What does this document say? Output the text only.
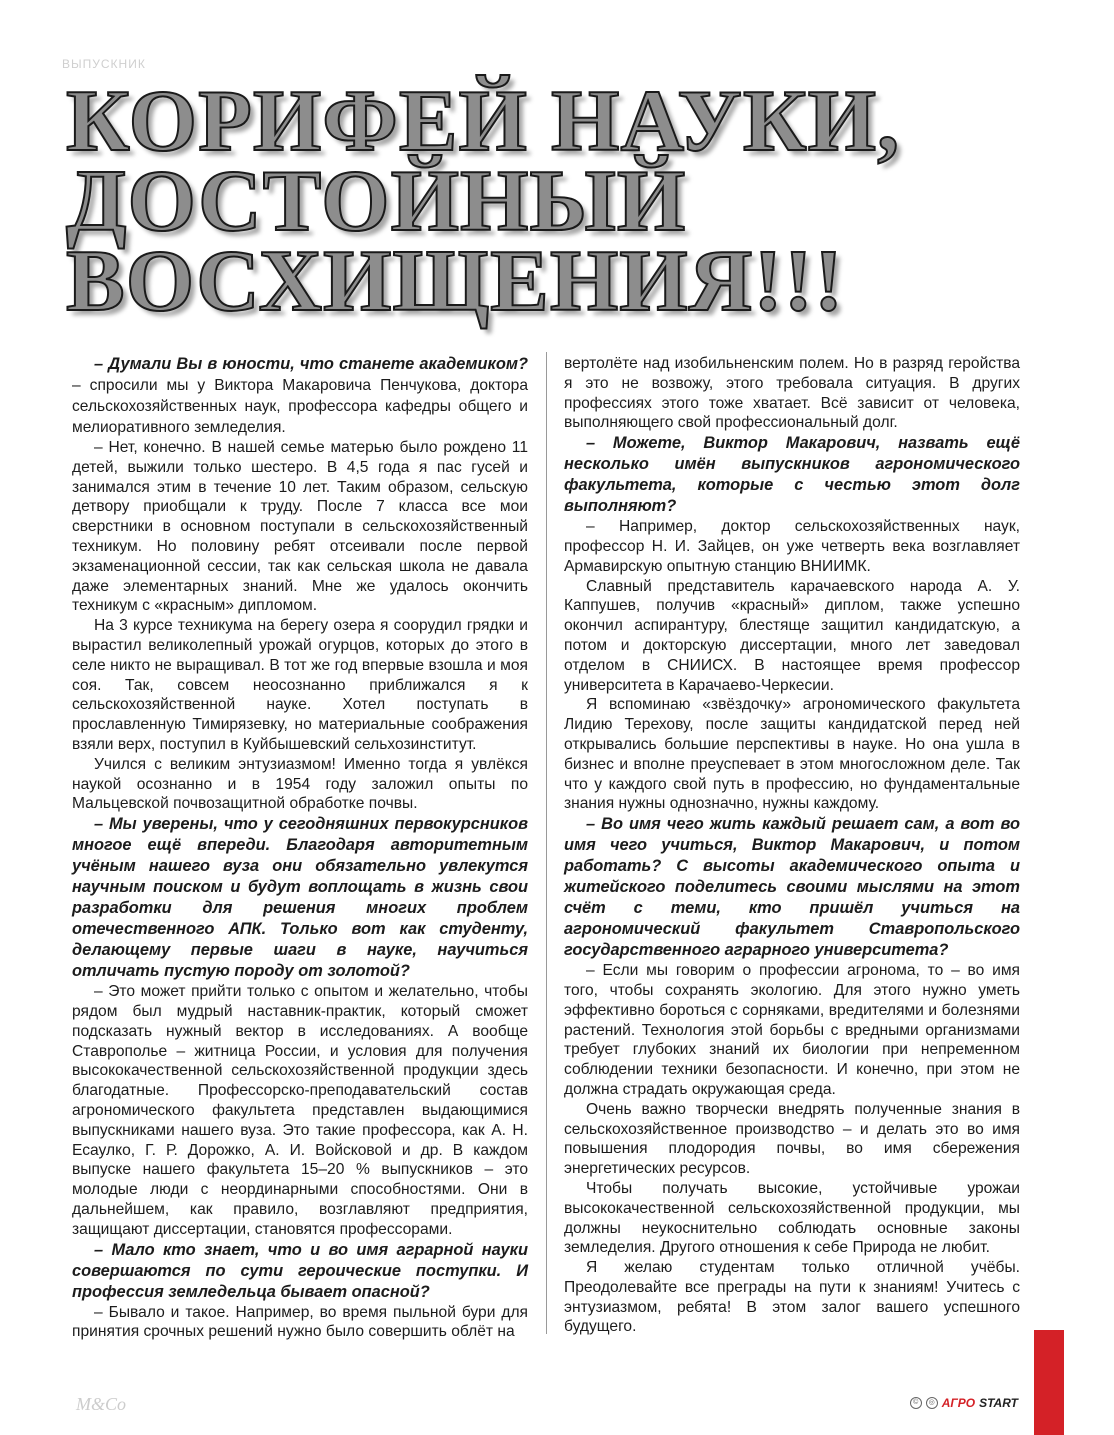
ВЫПУСКНИК
КОРИФЕЙ НАУКИ,
ДОСТОЙНЫЙ
ВОСХИЩЕНИЯ!!!

– Думали Вы в юности, что станете академиком? – спросили мы у Виктора Макаровича Пенчукова, доктора сельскохозяйственных наук, профессора кафедры общего и мелиоративного земледелия.

– Нет, конечно. В нашей семье матерью было рождено 11 детей, выжили только шестеро. В 4,5 года я пас гусей и занимался этим в течение 10 лет. Таким образом, сельскую детвору приобщали к труду. После 7 класса все мои сверстники в основном поступали в сельскохозяйственный техникум. Но половину ребят отсеивали после первой экзаменационной сессии, так как сельская школа не давала даже элементарных знаний. Мне же удалось окончить техникум с «красным» дипломом.

На 3 курсе техникума на берегу озера я соорудил грядки и вырастил великолепный урожай огурцов, которых до этого в селе никто не выращивал. В тот же год впервые взошла и моя соя. Так, совсем неосознанно приближался я к сельскохозяйственной науке. Хотел поступать в прославленную Тимирязевку, но материальные соображения взяли верх, поступил в Куйбышевский сельхозинститут.

Учился с великим энтузиазмом! Именно тогда я увлёкся наукой осознанно и в 1954 году заложил опыты по Мальцевской почвозащитной обработке почвы.

– Мы уверены, что у сегодняшних первокурсников многое ещё впереди. Благодаря авторитетным учёным нашего вуза они обязательно увлекутся научным поиском и будут воплощать в жизнь свои разработки для решения многих проблем отечественного АПК. Только вот как студенту, делающему первые шаги в науке, научиться отличать пустую породу от золотой?

– Это может прийти только с опытом и желательно, чтобы рядом был мудрый наставник-практик, который сможет подсказать нужный вектор в исследованиях. А вообще Ставрополье – житница России, и условия для получения высококачественной сельскохозяйственной продукции здесь благодатные. Профессорско-преподавательский состав агрономического факультета представлен выдающимися выпускниками нашего вуза. Это такие профессора, как А. Н. Есаулко, Г. Р. Дорожко, А. И. Войсковой и др. В каждом выпуске нашего факультета 15–20 % выпускников – это молодые люди с неординарными способностями. Они в дальнейшем, как правило, возглавляют предприятия, защищают диссертации, становятся профессорами.

– Мало кто знает, что и во имя аграрной науки совершаются по сути героические поступки. И профессия земледельца бывает опасной?

– Бывало и такое. Например, во время пыльной бури для принятия срочных решений нужно было совершить облёт на

вертолёте над изобильненским полем. Но в разряд геройства я это не возвожу, этого требовала ситуация. В других профессиях этого тоже хватает. Всё зависит от человека, выполняющего свой профессиональный долг.

– Можете, Виктор Макарович, назвать ещё несколько имён выпускников агрономического факультета, которые с честью этот долг выполняют?

– Например, доктор сельскохозяйственных наук, профессор Н. И. Зайцев, он уже четверть века возглавляет Армавирскую опытную станцию ВНИИМК.

Славный представитель карачаевского народа А. У. Каппушев, получив «красный» диплом, также успешно окончил аспирантуру, блестяще защитил кандидатскую, а потом и докторскую диссертации, много лет заведовал отделом в СНИИСХ. В настоящее время профессор университета в Карачаево-Черкесии.

Я вспоминаю «звёздочку» агрономического факультета Лидию Терехову, после защиты кандидатской перед ней открывались большие перспективы в науке. Но она ушла в бизнес и вполне преуспевает в этом многосложном деле. Так что у каждого свой путь в профессию, но фундаментальные знания нужны однозначно, нужны каждому.

– Во имя чего жить каждый решает сам, а вот во имя чего учиться, Виктор Макарович, и потом работать? С высоты академического опыта и житейского поделитесь своими мыслями на этот счёт с теми, кто пришёл учиться на агрономический факультет Ставропольского государственного аграрного университета?

– Если мы говорим о профессии агронома, то – во имя того, чтобы сохранять экологию. Для этого нужно уметь эффективно бороться с сорняками, вредителями и болезнями растений. Технология этой борьбы с вредными организмами требует глубоких знаний их биологии при непременном соблюдении техники безопасности. И конечно, при этом не должна страдать окружающая среда.

Очень важно творчески внедрять полученные знания в сельскохозяйственное производство – и делать это во имя повышения плодородия почвы, во имя сбережения энергетических ресурсов.

Чтобы получать высокие, устойчивые урожаи высококачественной сельскохозяйственной продукции, мы должны неукоснительно соблюдать основные законы земледелия. Другого отношения к себе Природа не любит.

Я желаю студентам только отличной учёбы. Преодолевайте все преграды на пути к знаниям! Учитесь с энтузиазмом, ребята! В этом залог вашего успешного будущего.

M&Co	©	◎ АГРО START
